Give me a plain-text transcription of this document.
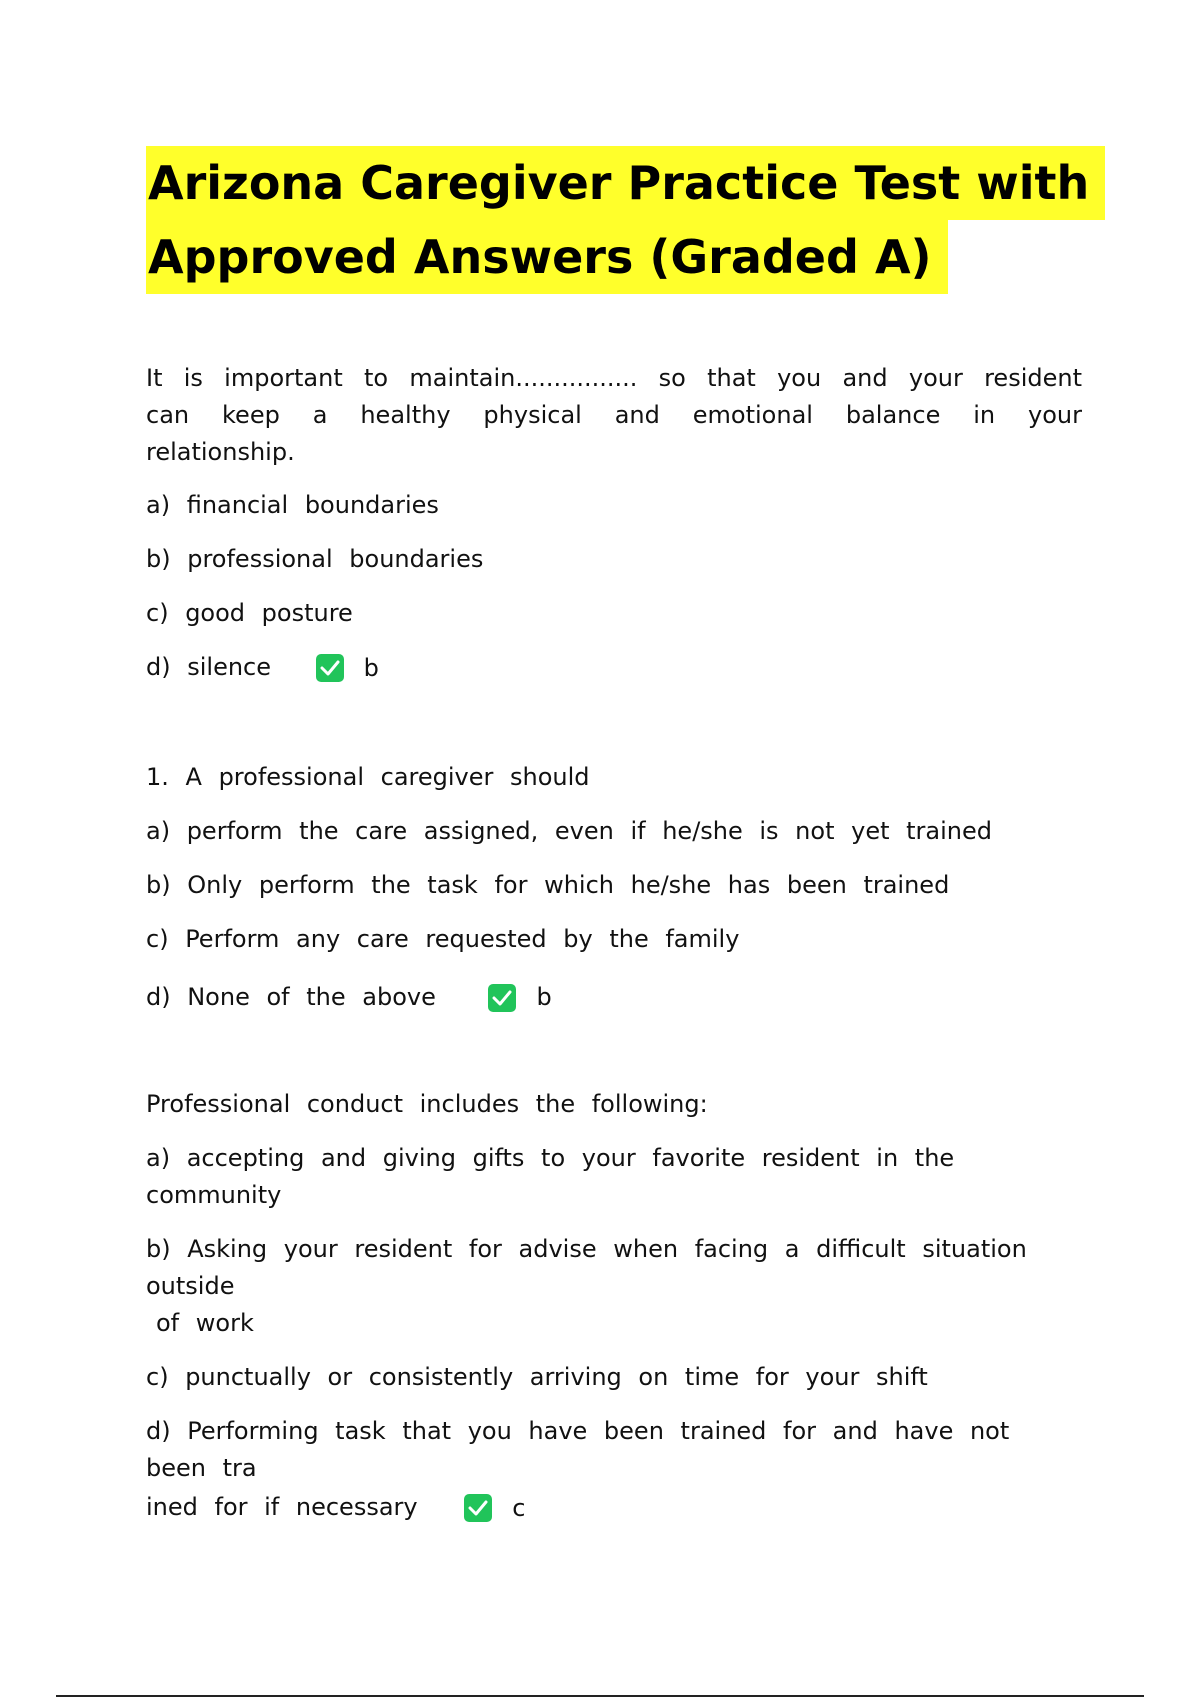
Arizona Caregiver Practice Test with
Approved Answers (Graded A)

It is important to maintain................ so that you and your resident can keep a healthy physical and emotional balance in your relationship.

a) financial boundaries

b) professional boundaries

c) good posture

d) silence	b

1. A professional caregiver should

a) perform the care assigned, even if he/she is not yet trained

b) Only perform the task for which he/she has been trained

c) Perform any care requested by the family

d) None of the above	b

Professional conduct includes the following:

a) accepting and giving gifts to your favorite resident in the community

b) Asking your resident for advise when facing a difficult situation outside

of work

c) punctually or consistently arriving on time for your shift

d) Performing task that you have been trained for and have not been tra

ined for if necessary	c
